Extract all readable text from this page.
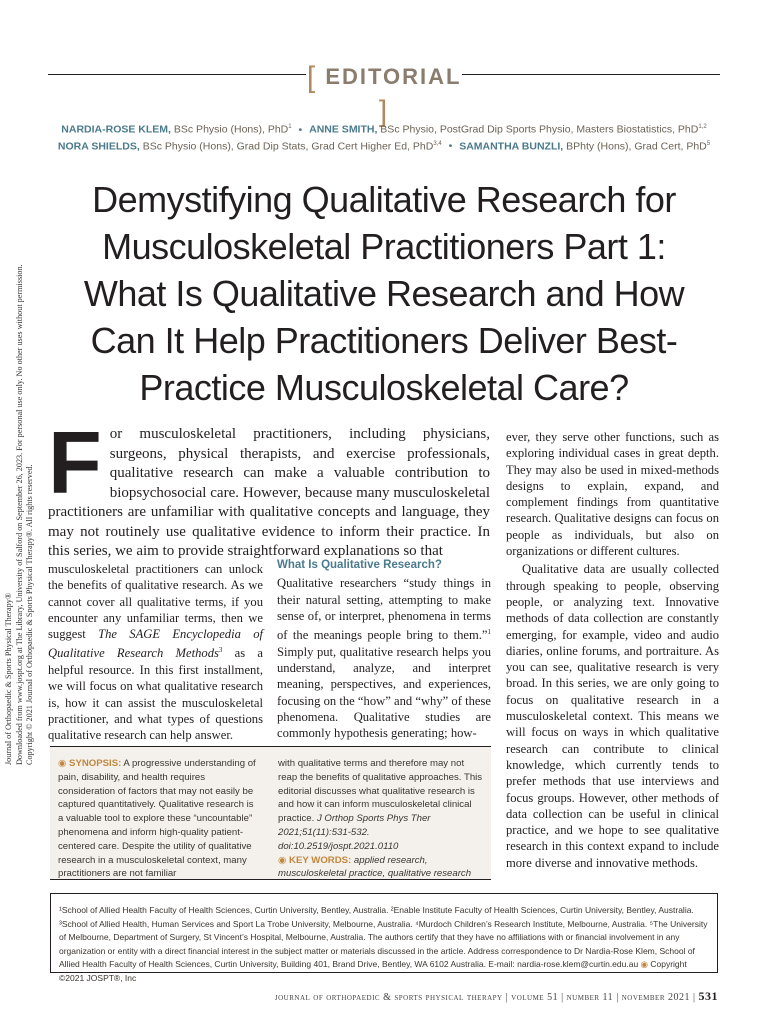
[ EDITORIAL ]
NARDIA-ROSE KLEM, BSc Physio (Hons), PhD$^1$ • ANNE SMITH, BSc Physio, PostGrad Dip Sports Physio, Masters Biostatistics, PhD$^{1,2}$
NORA SHIELDS, BSc Physio (Hons), Grad Dip Stats, Grad Cert Higher Ed, PhD$^{3,4}$ • SAMANTHA BUNZLI, BPhty (Hons), Grad Cert, PhD$^5$
Journal of Orthopaedic & Sports Physical Therapy® Downloaded from www.jospt.org at The Library, University of Salford on September 26, 2023. For personal use only. No other uses without permission. Copyright © 2021 Journal of Orthopaedic & Sports Physical Therapy®. All rights reserved.
Demystifying Qualitative Research for Musculoskeletal Practitioners Part 1: What Is Qualitative Research and How Can It Help Practitioners Deliver Best-Practice Musculoskeletal Care?
F or musculoskeletal practitioners, including physicians, surgeons, physical therapists, and exercise professionals, qualitative research can make a valuable contribution to biopsychosocial care. However, because many musculoskeletal practitioners are unfamiliar with qualitative concepts and language, they may not routinely use qualitative evidence to inform their practice. In this series, we aim to provide straightforward explanations so that

musculoskeletal practitioners can unlock the benefits of qualitative research. As we cannot cover all qualitative terms, if you encounter any unfamiliar terms, then we suggest The SAGE Encyclopedia of Qualitative Research Methods$^3$ as a helpful resource. In this first installment, we will focus on what qualitative research is, how it can assist the musculoskeletal practitioner, and what types of questions qualitative research can help answer.

What Is Qualitative Research?

Qualitative researchers “study things in their natural setting, attempting to make sense of, or interpret, phenomena in terms of the meanings people bring to them.”$^1$ Simply put, qualitative research helps you understand, analyze, and interpret meaning, perspectives, and experiences, focusing on the “how” and “why” of these phenomena. Qualitative studies are commonly hypothesis generating; how-

ever, they serve other functions, such as exploring individual cases in great depth. They may also be used in mixed-methods designs to explain, expand, and complement findings from quantitative research. Qualitative designs can focus on people as individuals, but also on organizations or different cultures.

Qualitative data are usually collected through speaking to people, observing people, or analyzing text. Innovative methods of data collection are constantly emerging, for example, video and audio diaries, online forums, and portraiture. As you can see, qualitative research is very broad. In this series, we are only going to focus on qualitative research in a musculoskeletal context. This means we will focus on ways in which qualitative research can contribute to clinical knowledge, which currently tends to prefer methods that use interviews and focus groups. However, other methods of data collection can be useful in clinical practice, and we hope to see qualitative research in this context expand to include more diverse and innovative methods.

◉ SYNOPSIS: A progressive understanding of pain, disability, and health requires consideration of factors that may not easily be captured quantitatively. Qualitative research is a valuable tool to explore these “uncountable” phenomena and inform high-quality patient-centered care. Despite the utility of qualitative research in a musculoskeletal context, many practitioners are not familiar
with qualitative terms and therefore may not reap the benefits of qualitative approaches. This editorial discusses what qualitative research is and how it can inform musculoskeletal clinical practice. J Orthop Sports Phys Ther 2021;51(11):531-532. doi:10.2519/jospt.2021.0110
◉ KEY WORDS: applied research, musculoskeletal practice, qualitative research
¹School of Allied Health Faculty of Health Sciences, Curtin University, Bentley, Australia. ²Enable Institute Faculty of Health Sciences, Curtin University, Bentley, Australia. ³School of Allied Health, Human Services and Sport La Trobe University, Melbourne, Australia. ⁴Murdoch Children’s Research Institute, Melbourne, Australia. ⁵The University of Melbourne, Department of Surgery, St Vincent’s Hospital, Melbourne, Australia. The authors certify that they have no affiliations with or financial involvement in any organization or entity with a direct financial interest in the subject matter or materials discussed in the article. Address correspondence to Dr Nardia-Rose Klem, School of Allied Health Faculty of Health Sciences, Curtin University, Building 401, Brand Drive, Bentley, WA 6102 Australia. E-mail: nardia-rose.klem@curtin.edu.au ◉ Copyright ©2021 JOSPT®, Inc
journal of orthopaedic & sports physical therapy | volume 51 | number 11 | november 2021 | 531
